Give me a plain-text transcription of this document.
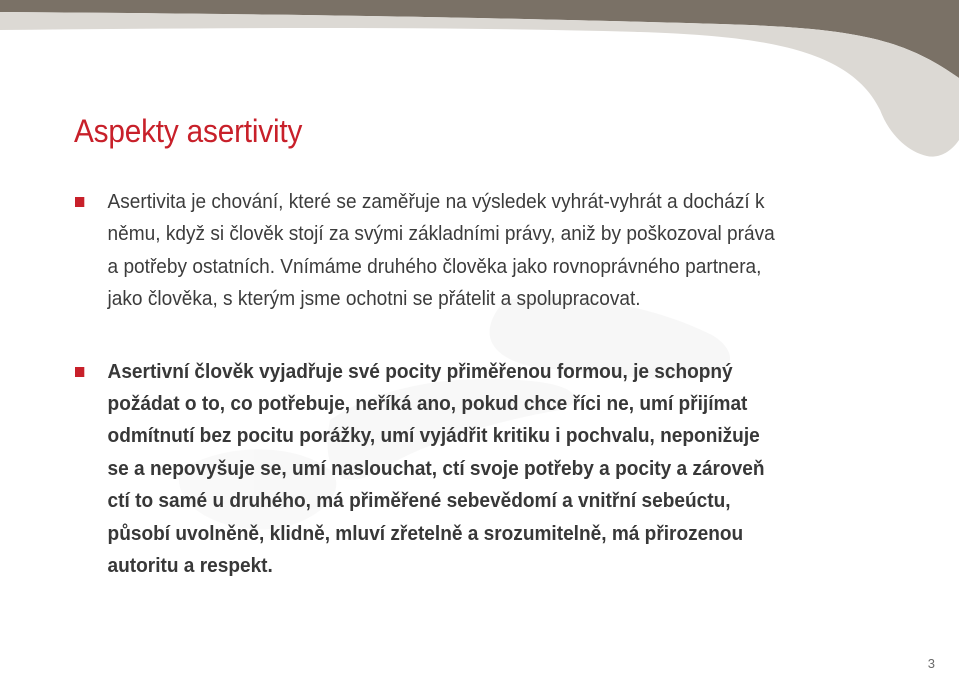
Aspekty asertivity
Asertivita je chování, které se zaměřuje na výsledek vyhrát-vyhrát a dochází k němu, když si člověk stojí za svými základními právy, aniž by poškozoval práva a potřeby ostatních. Vnímáme druhého člověka jako rovnoprávného partnera, jako člověka, s kterým jsme ochotni se přátelit a spolupracovat.
Asertivní člověk vyjadřuje své pocity přiměřenou formou, je schopný požádat o to, co potřebuje, neříká ano, pokud chce říci ne, umí přijímat odmítnutí bez pocitu porážky, umí vyjádřit kritiku i pochvalu, neponižuje se a nepovyšuje se, umí naslouchat, ctí svoje potřeby a pocity a zároveň ctí to samé u druhého, má přiměřené sebevědomí a vnitřní sebeúctu, působí uvolněně, klidně, mluví zřetelně a srozumitelně, má přirozenou autoritu a respekt.
3
